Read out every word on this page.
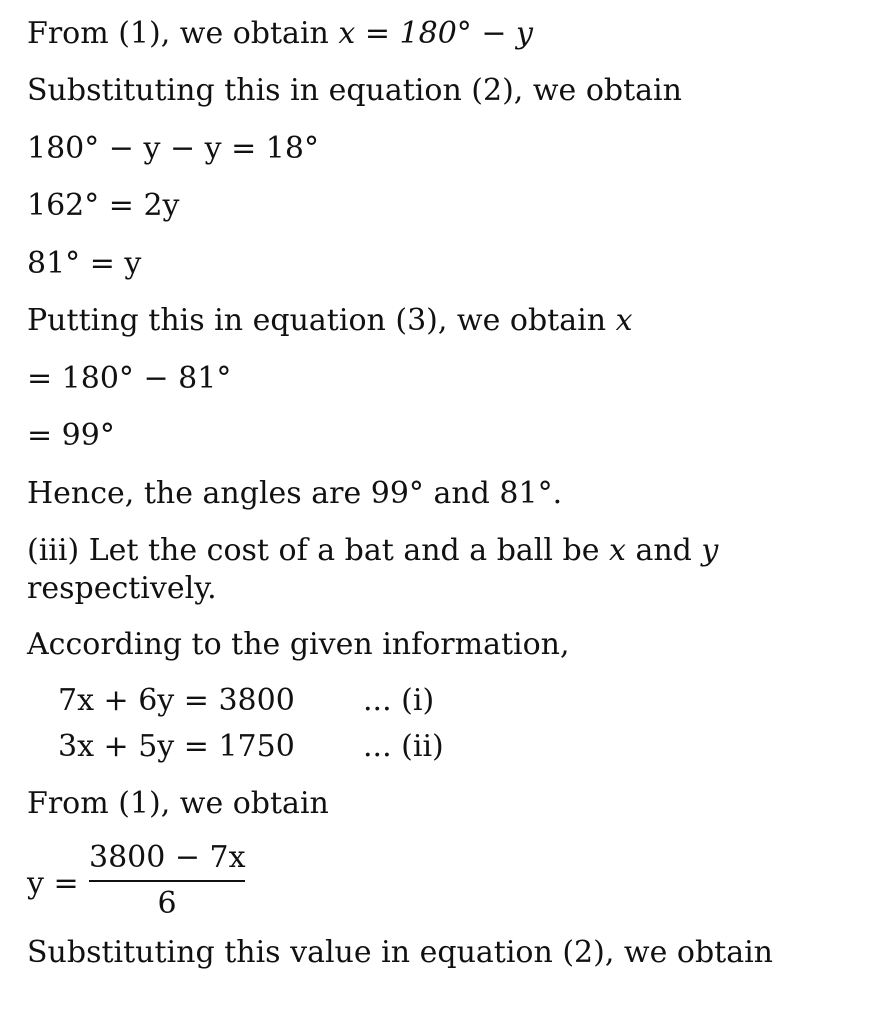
From (1), we obtain x = 180° − y
Substituting this in equation (2), we obtain
180° − y − y = 18°
162° = 2y
81° = y
Putting this in equation (3), we obtain x
= 180° − 81°
= 99°
Hence, the angles are 99° and 81°.
(iii) Let the cost of a bat and a ball be x and y
respectively.
According to the given information,
7x + 6y = 3800 ... (i)
3x + 5y = 1750 ... (ii)
From (1), we obtain
y =
3800 − 7x
6
Substituting this value in equation (2), we obtain
